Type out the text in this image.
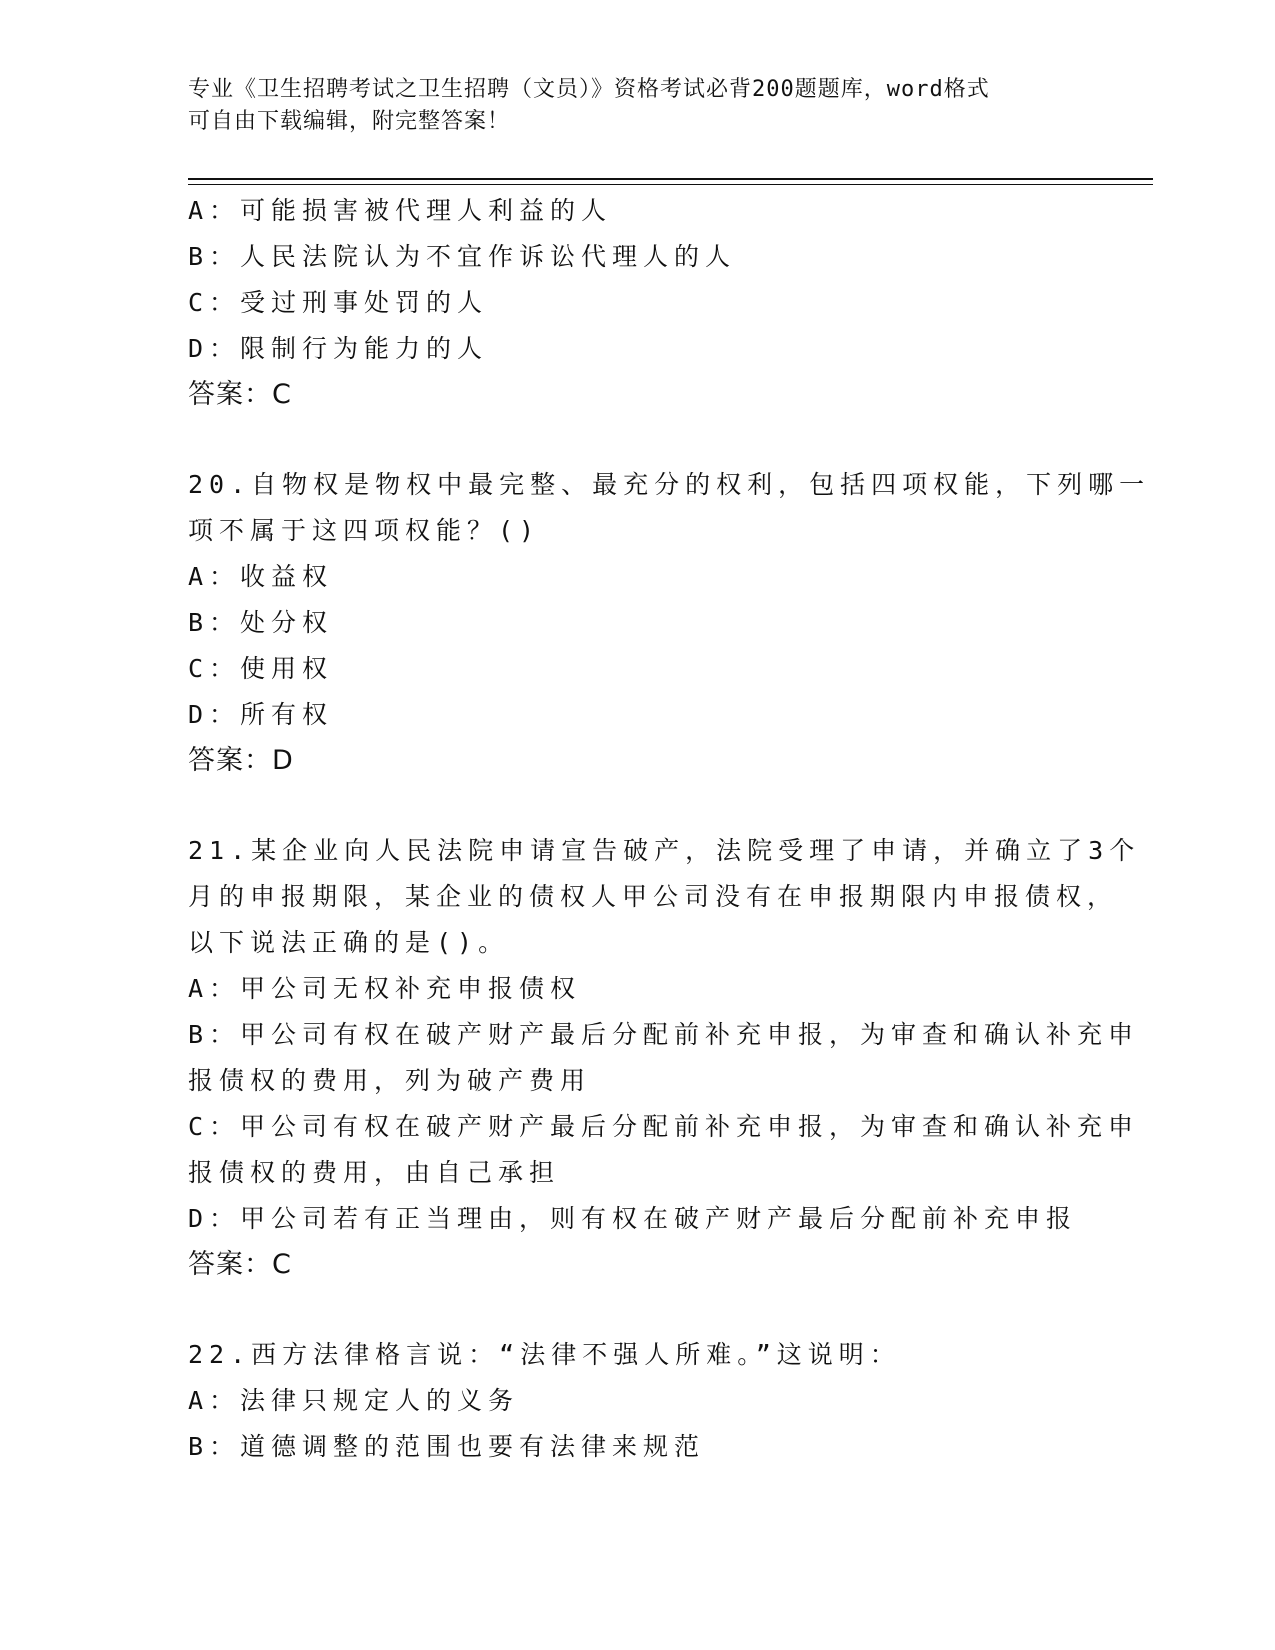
专业《卫生招聘考试之卫生招聘（文员）》资格考试必背200题题库，word格式
可自由下载编辑，附完整答案！
A：可能损害被代理人利益的人
B：人民法院认为不宜作诉讼代理人的人
C：受过刑事处罚的人
D：限制行为能力的人
答案：C
20.自物权是物权中最完整、最充分的权利，包括四项权能，下列哪一
项不属于这四项权能？()
A：收益权
B：处分权
C：使用权
D：所有权
答案：D
21.某企业向人民法院申请宣告破产，法院受理了申请，并确立了3个
月的申报期限，某企业的债权人甲公司没有在申报期限内申报债权，
以下说法正确的是()。
A：甲公司无权补充申报债权
B：甲公司有权在破产财产最后分配前补充申报，为审查和确认补充申
报债权的费用，列为破产费用
C：甲公司有权在破产财产最后分配前补充申报，为审查和确认补充申
报债权的费用，由自己承担
D：甲公司若有正当理由，则有权在破产财产最后分配前补充申报
答案：C
22.西方法律格言说：“法律不强人所难。”这说明：
A：法律只规定人的义务
B：道德调整的范围也要有法律来规范
